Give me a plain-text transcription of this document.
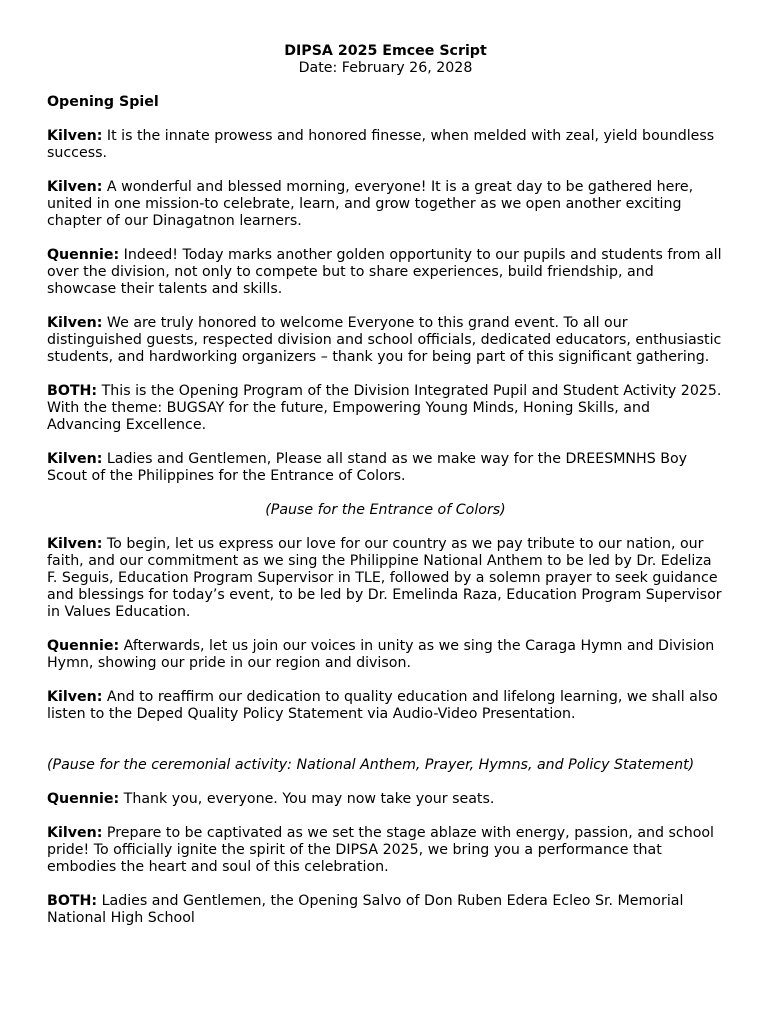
DIPSA 2025 Emcee Script

Date: February 26, 2028

Opening Spiel

Kilven: It is the innate prowess and honored finesse, when melded with zeal, yield boundless success.

Kilven: A wonderful and blessed morning, everyone! It is a great day to be gathered here, united in one mission-to celebrate, learn, and grow together as we open another exciting chapter of our Dinagatnon learners.

Quennie: Indeed! Today marks another golden opportunity to our pupils and students from all over the division, not only to compete but to share experiences, build friendship, and showcase their talents and skills.

Kilven: We are truly honored to welcome Everyone to this grand event. To all our distinguished guests, respected division and school officials, dedicated educators, enthusiastic students, and hardworking organizers – thank you for being part of this significant gathering.

BOTH: This is the Opening Program of the Division Integrated Pupil and Student Activity 2025. With the theme: BUGSAY for the future, Empowering Young Minds, Honing Skills, and Advancing Excellence.

Kilven: Ladies and Gentlemen, Please all stand as we make way for the DREESMNHS Boy Scout of the Philippines for the Entrance of Colors.

(Pause for the Entrance of Colors)

Kilven: To begin, let us express our love for our country as we pay tribute to our nation, our faith, and our commitment as we sing the Philippine National Anthem to be led by Dr. Edeliza F. Seguis, Education Program Supervisor in TLE, followed by a solemn prayer to seek guidance and blessings for today’s event, to be led by Dr. Emelinda Raza, Education Program Supervisor in Values Education.

Quennie: Afterwards, let us join our voices in unity as we sing the Caraga Hymn and Division Hymn, showing our pride in our region and divison.

Kilven: And to reaffirm our dedication to quality education and lifelong learning, we shall also listen to the Deped Quality Policy Statement via Audio-Video Presentation.

(Pause for the ceremonial activity: National Anthem, Prayer, Hymns, and Policy Statement)

Quennie: Thank you, everyone. You may now take your seats.

Kilven: Prepare to be captivated as we set the stage ablaze with energy, passion, and school pride! To officially ignite the spirit of the DIPSA 2025, we bring you a performance that embodies the heart and soul of this celebration.

BOTH: Ladies and Gentlemen, the Opening Salvo of Don Ruben Edera Ecleo Sr. Memorial National High School
